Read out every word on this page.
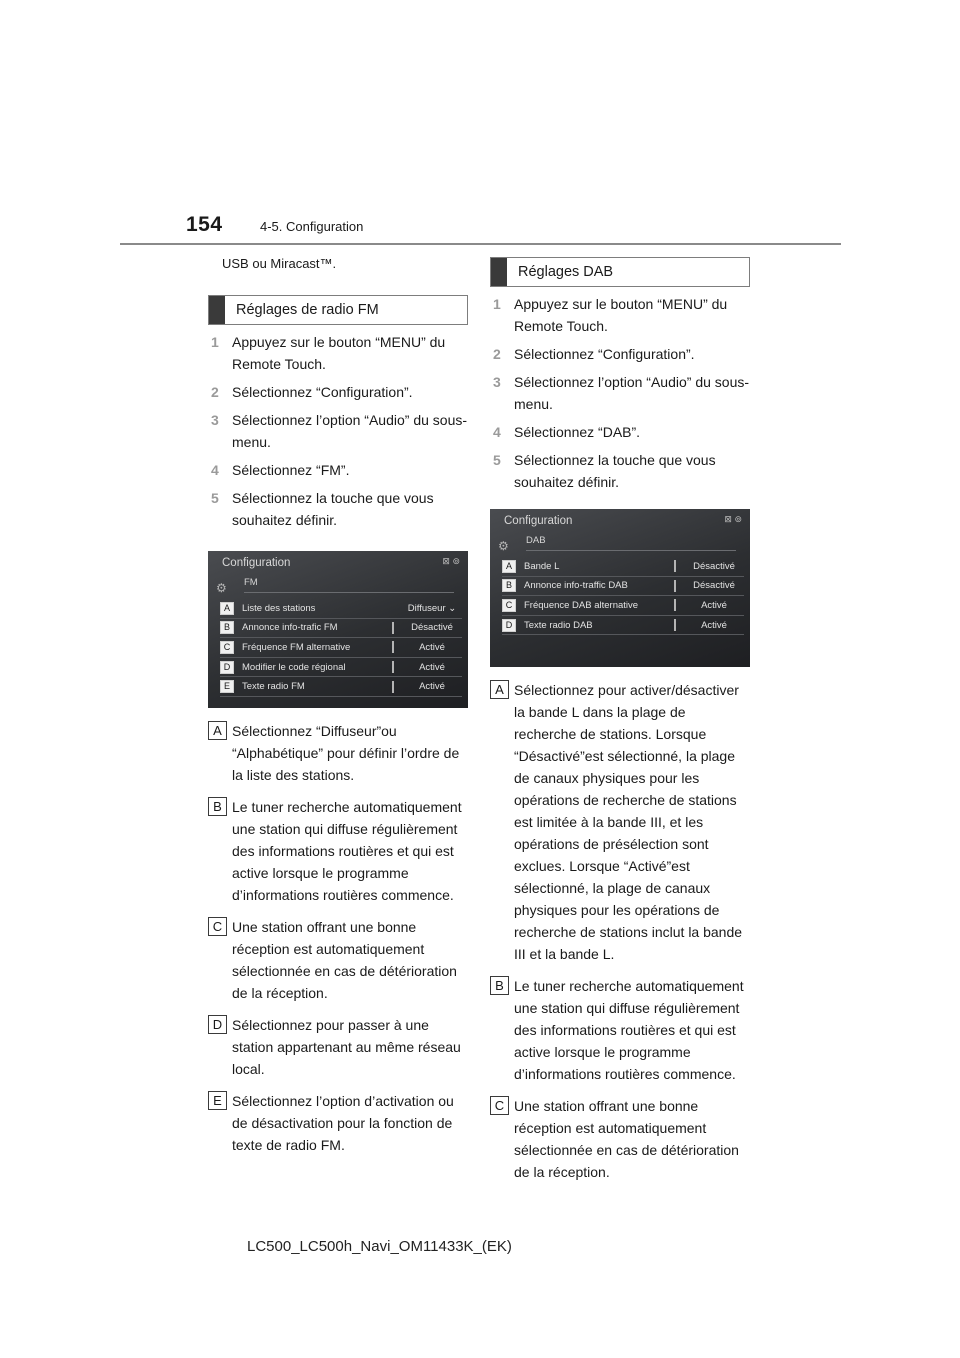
154	4-5. Configuration

USB ou Miracast™.

Réglages de radio FM
1 Appuyez sur le bouton “MENU” du Remote Touch.
2 Sélectionnez “Configuration”.
3 Sélectionnez l’option “Audio” du sous-menu.
4 Sélectionnez “FM”.
5 Sélectionnez la touche que vous souhaitez définir.
Configuration	⊠ ⊚
⚙ FM
A	Liste des stations	Diffuseur ⌄
B	Annonce info-trafic FM	Désactivé
C	Fréquence FM alternative	Activé
D	Modifier le code régional	Activé
E	Texte radio FM	Activé
A Sélectionnez “Diffuseur”ou “Alphabétique” pour définir l’ordre de la liste des stations.
B Le tuner recherche automatiquement une station qui diffuse régulièrement des informations routières et qui est active lorsque le programme d’informations routières commence.
C Une station offrant une bonne réception est automatiquement sélectionnée en cas de détérioration de la réception.
D Sélectionnez pour passer à une station appartenant au même réseau local.
E Sélectionnez l’option d’activation ou de désactivation pour la fonction de texte de radio FM.
Réglages DAB
1 Appuyez sur le bouton “MENU” du Remote Touch.
2 Sélectionnez “Configuration”.
3 Sélectionnez l’option “Audio” du sous-menu.
4 Sélectionnez “DAB”.
5 Sélectionnez la touche que vous souhaitez définir.
Configuration	⊠ ⊚
⚙ DAB
A	Bande L	Désactivé
B	Annonce info-traffic DAB	Désactivé
C	Fréquence DAB alternative	Activé
D	Texte radio DAB	Activé
A Sélectionnez pour activer/désactiver la bande L dans la plage de recherche de stations. Lorsque “Désactivé”est sélectionné, la plage de canaux physiques pour les opérations de recherche de stations est limitée à la bande III, et les opérations de présélection sont exclues. Lorsque “Activé”est sélectionné, la plage de canaux physiques pour les opérations de recherche de stations inclut la bande III et la bande L.
B Le tuner recherche automatiquement une station qui diffuse régulièrement des informations routières et qui est active lorsque le programme d’informations routières commence.
C Une station offrant une bonne réception est automatiquement sélectionnée en cas de détérioration de la réception.
LC500_LC500h_Navi_OM11433K_(EK)
